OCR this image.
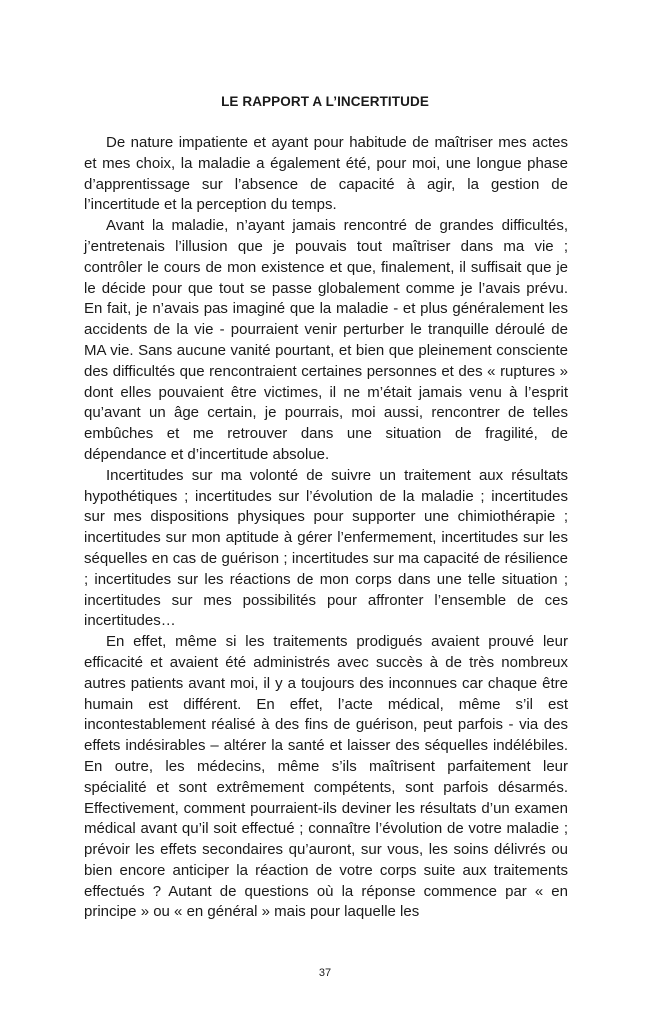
LE RAPPORT A L’INCERTITUDE

De nature impatiente et ayant pour habitude de maîtriser mes actes et mes choix, la maladie a également été, pour moi, une longue phase d’apprentissage sur l’absence de capacité à agir, la gestion de l’incertitude et la perception du temps.

Avant la maladie, n’ayant jamais rencontré de grandes difficultés, j’entretenais l’illusion que je pouvais tout maîtriser dans ma vie ; contrôler le cours de mon existence et que, finalement, il suffisait que je le décide pour que tout se passe globalement comme je l’avais prévu. En fait, je n’avais pas imaginé que la maladie - et plus généralement les accidents de la vie - pourraient venir perturber le tranquille déroulé de MA vie. Sans aucune vanité pourtant, et bien que pleinement consciente des difficultés que rencontraient certaines personnes et des « ruptures » dont elles pouvaient être victimes, il ne m’était jamais venu à l’esprit qu’avant un âge certain, je pourrais, moi aussi, rencontrer de telles embûches et me retrouver dans une situation de fragilité, de dépendance et d’incertitude absolue.

Incertitudes sur ma volonté de suivre un traitement aux résultats hypothétiques ; incertitudes sur l’évolution de la maladie ; incertitudes sur mes dispositions physiques pour supporter une chimiothérapie ; incertitudes sur mon aptitude à gérer l’enfermement, incertitudes sur les séquelles en cas de guérison ; incertitudes sur ma capacité de résilience ; incertitudes sur les réactions de mon corps dans une telle situation ; incertitudes sur mes possibilités pour affronter l’ensemble de ces incertitudes…

En effet, même si les traitements prodigués avaient prouvé leur efficacité et avaient été administrés avec succès à de très nombreux autres patients avant moi, il y a toujours des inconnues car chaque être humain est différent. En effet, l’acte médical, même s’il est incontestablement réalisé à des fins de guérison, peut parfois - via des effets indésirables – altérer la santé et laisser des séquelles indélébiles. En outre, les médecins, même s’ils maîtrisent parfaitement leur spécialité et sont extrêmement compétents, sont parfois désarmés. Effectivement, comment pourraient-ils deviner les résultats d’un examen médical avant qu’il soit effectué ; connaître l’évolution de votre maladie ; prévoir les effets secondaires qu’auront, sur vous, les soins délivrés ou bien encore anticiper la réaction de votre corps suite aux traitements effectués ? Autant de questions où la réponse commence par « en principe » ou « en général » mais pour laquelle les

37
